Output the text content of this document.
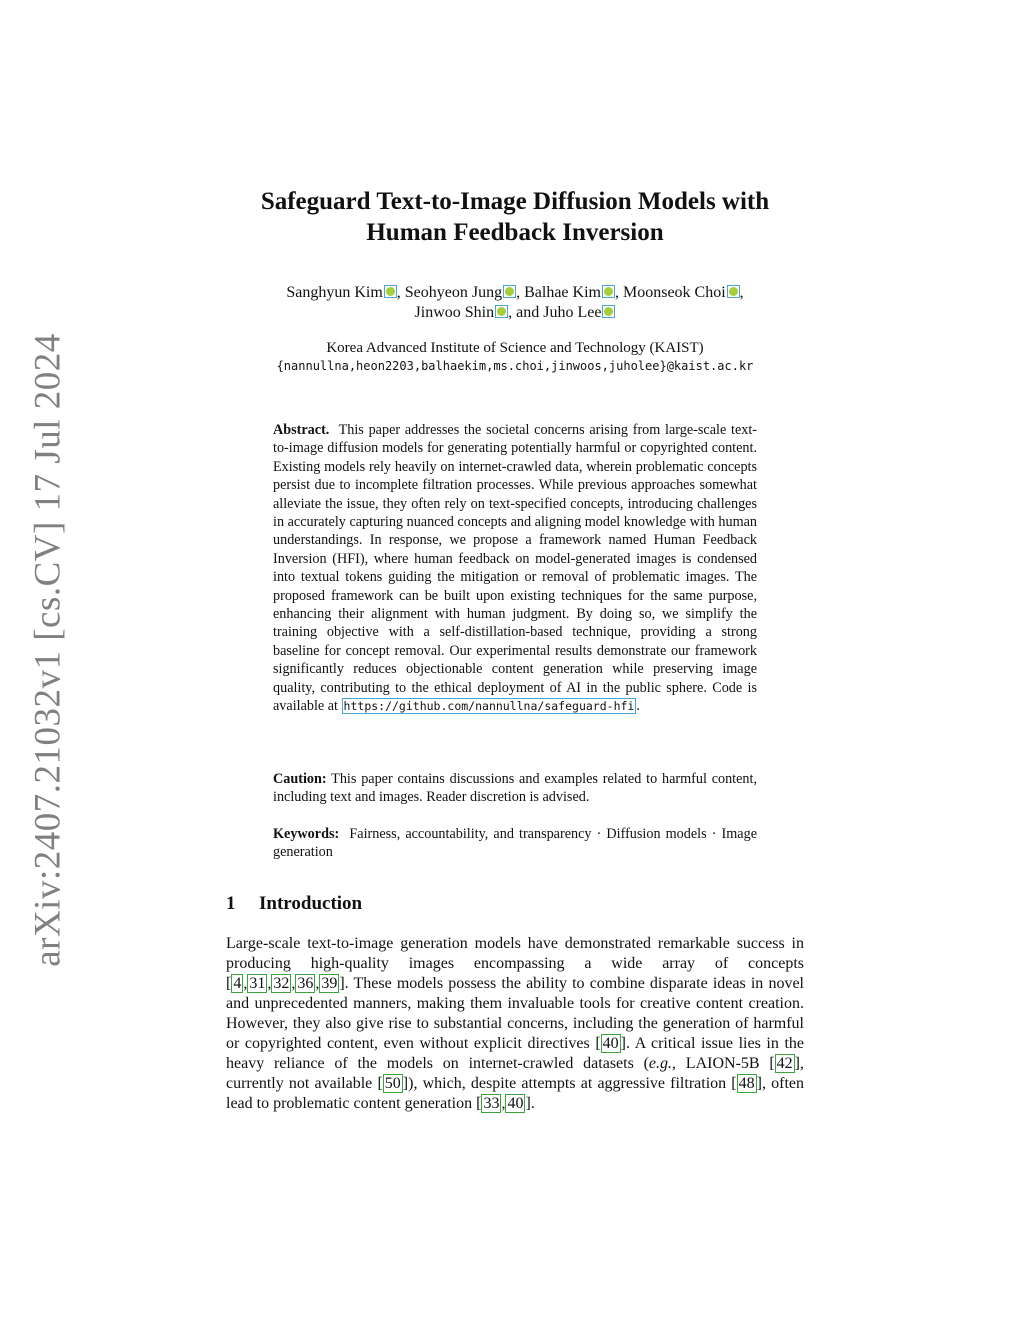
arXiv:2407.21032v1 [cs.CV] 17 Jul 2024
Safeguard Text-to-Image Diffusion Models with
Human Feedback Inversion
Sanghyun Kim , Seohyeon Jung , Balhae Kim , Moonseok Choi ,
Jinwoo Shin , and Juho Lee
Korea Advanced Institute of Science and Technology (KAIST)
{nannullna,heon2203,balhaekim,ms.choi,jinwoos,juholee}@kaist.ac.kr

Abstract. This paper addresses the societal concerns arising from large-scale text-to-image diffusion models for generating potentially harmful or copyrighted content. Existing models rely heavily on internet-crawled data, wherein problematic concepts persist due to incomplete filtration processes. While previous approaches somewhat alleviate the issue, they often rely on text-specified concepts, introducing challenges in accurately capturing nuanced concepts and aligning model knowledge with human understandings. In response, we propose a framework named Human Feedback Inversion (HFI), where human feedback on model-generated images is condensed into textual tokens guiding the mitigation or removal of problematic images. The proposed framework can be built upon existing techniques for the same purpose, enhancing their alignment with human judgment. By doing so, we simplify the training objective with a self-distillation-based technique, providing a strong baseline for concept removal. Our experimental results demonstrate our framework significantly reduces objectionable content generation while preserving image quality, contributing to the ethical deployment of AI in the public sphere. Code is available at https://github.com/nannullna/safeguard-hfi .

Caution: This paper contains discussions and examples related to harmful content, including text and images. Reader discretion is advised.

Keywords: Fairness, accountability, and transparency · Diffusion models · Image generation

1 Introduction

Large-scale text-to-image generation models have demonstrated remarkable success in producing high-quality images encompassing a wide array of concepts [ 4 , 31 , 32 , 36 , 39 ]. These models possess the ability to combine disparate ideas in novel and unprecedented manners, making them invaluable tools for creative content creation. However, they also give rise to substantial concerns, including the generation of harmful or copyrighted content, even without explicit directives [ 40 ]. A critical issue lies in the heavy reliance of the models on internet-crawled datasets (e.g., LAION-5B [ 42 ], currently not available [ 50 ]), which, despite attempts at aggressive filtration [ 48 ], often lead to problematic content generation [ 33 , 40 ].
